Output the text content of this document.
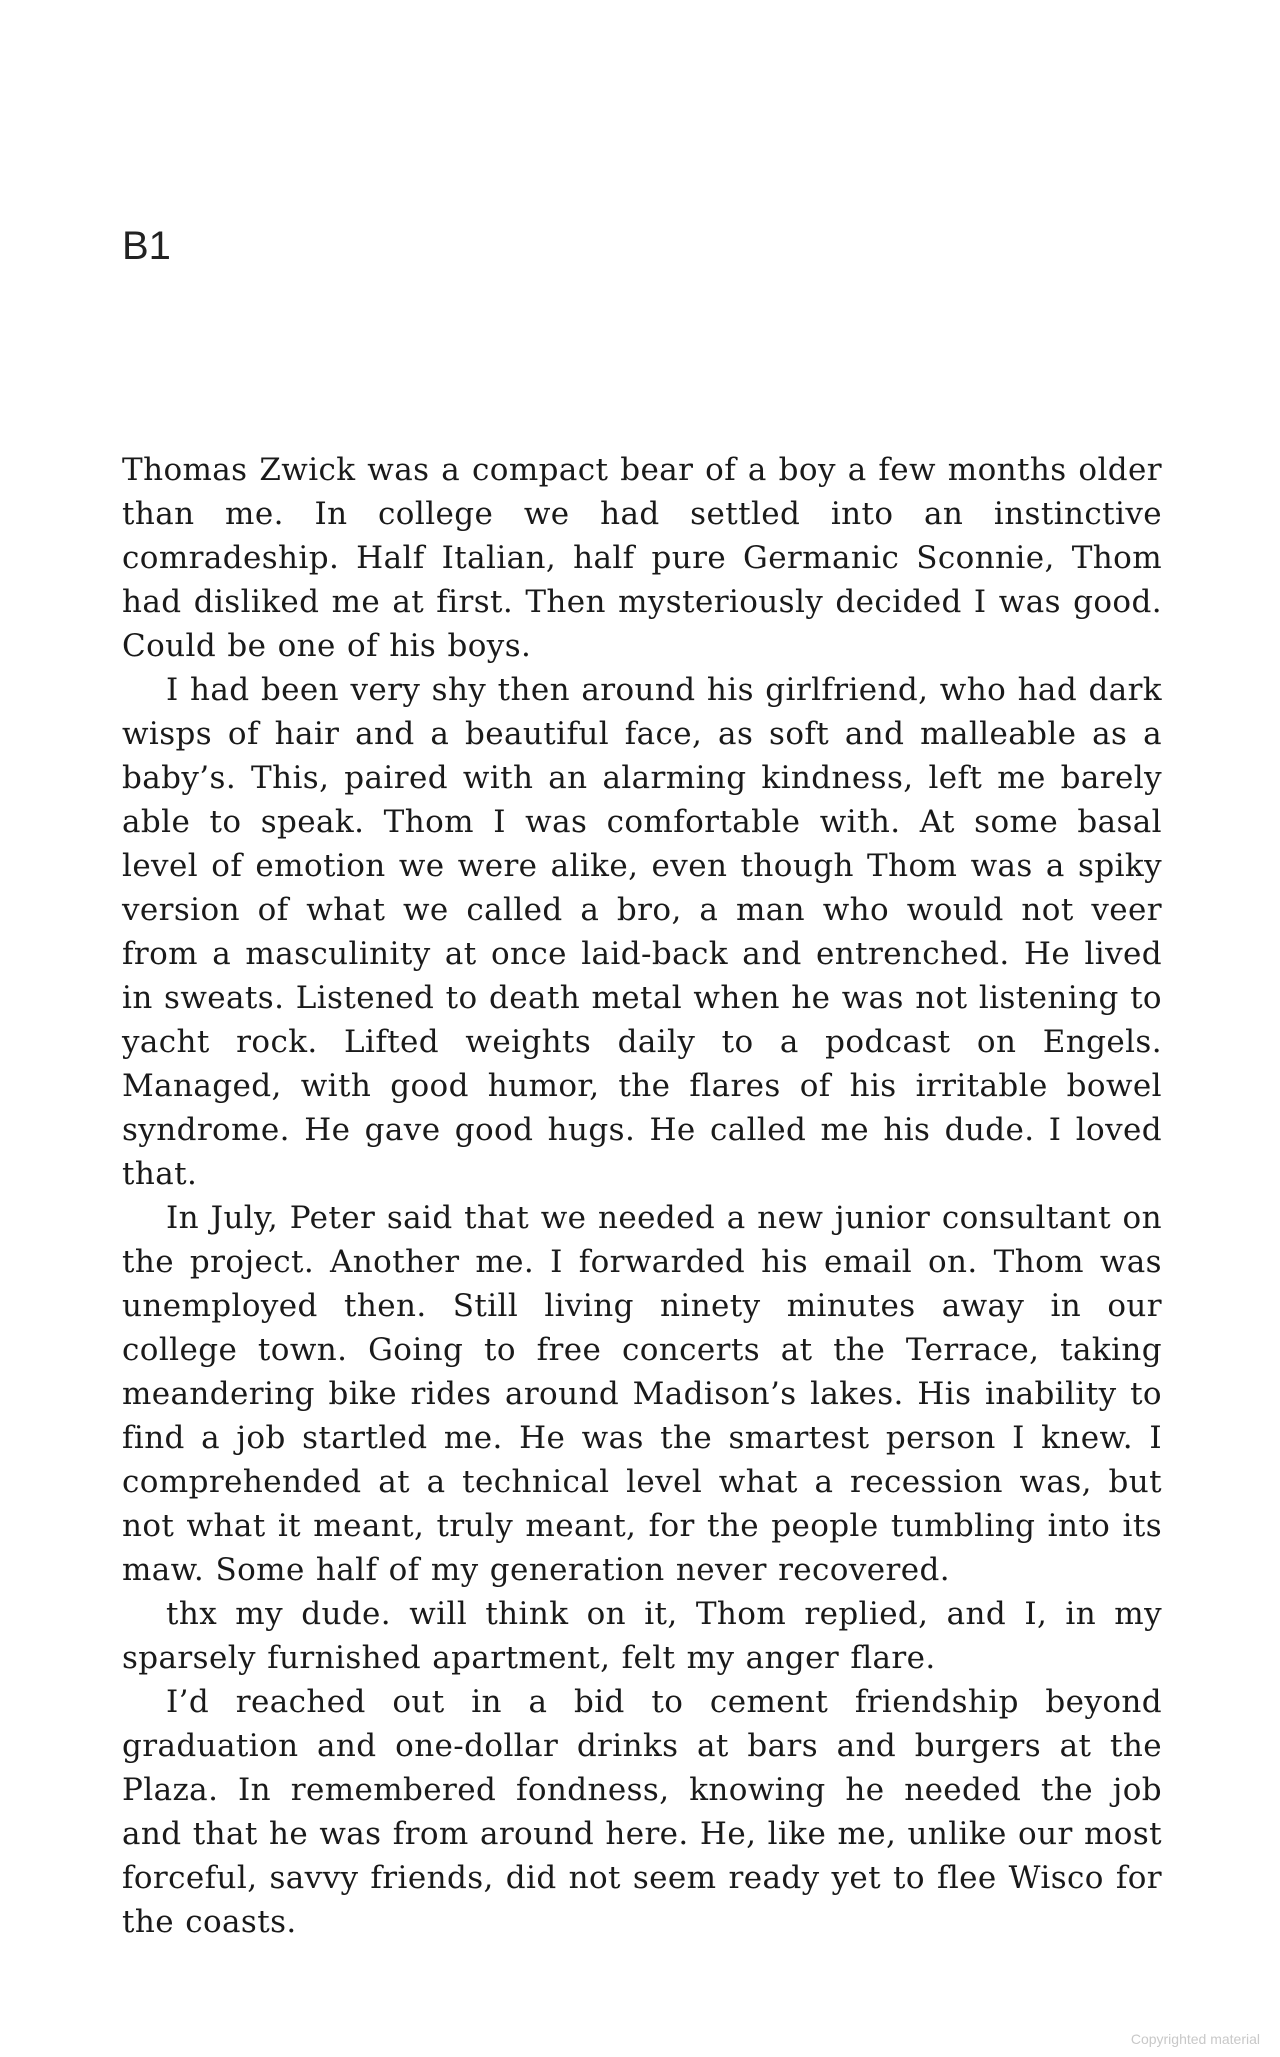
B1

Thomas Zwick was a compact bear of a boy a few months older than me. In college we had settled into an instinctive comradeship. Half Italian, half pure Germanic Sconnie, Thom had disliked me at first. Then mysteriously decided I was good. Could be one of his boys.

I had been very shy then around his girlfriend, who had dark wisps of hair and a beautiful face, as soft and malleable as a baby’s. This, paired with an alarming kindness, left me barely able to speak. Thom I was comfortable with. At some basal level of emotion we were alike, even though Thom was a spiky version of what we called a bro, a man who would not veer from a masculinity at once laid-back and entrenched. He lived in sweats. Listened to death metal when he was not listening to yacht rock. Lifted weights daily to a podcast on Engels. Managed, with good humor, the flares of his irritable bowel syndrome. He gave good hugs. He called me his dude. I loved that.

In July, Peter said that we needed a new junior consultant on the project. Another me. I forwarded his email on. Thom was unemployed then. Still living ninety minutes away in our college town. Going to free concerts at the Terrace, taking meandering bike rides around Madison’s lakes. His inability to find a job startled me. He was the smartest person I knew. I comprehended at a technical level what a recession was, but not what it meant, truly meant, for the people tumbling into its maw. Some half of my generation never recovered.

thx my dude. will think on it, Thom replied, and I, in my sparsely furnished apartment, felt my anger flare.

I’d reached out in a bid to cement friendship beyond graduation and one-dollar drinks at bars and burgers at the Plaza. In remembered fondness, knowing he needed the job and that he was from around here. He, like me, unlike our most forceful, savvy friends, did not seem ready yet to flee Wisco for the coasts.

Copyrighted material
